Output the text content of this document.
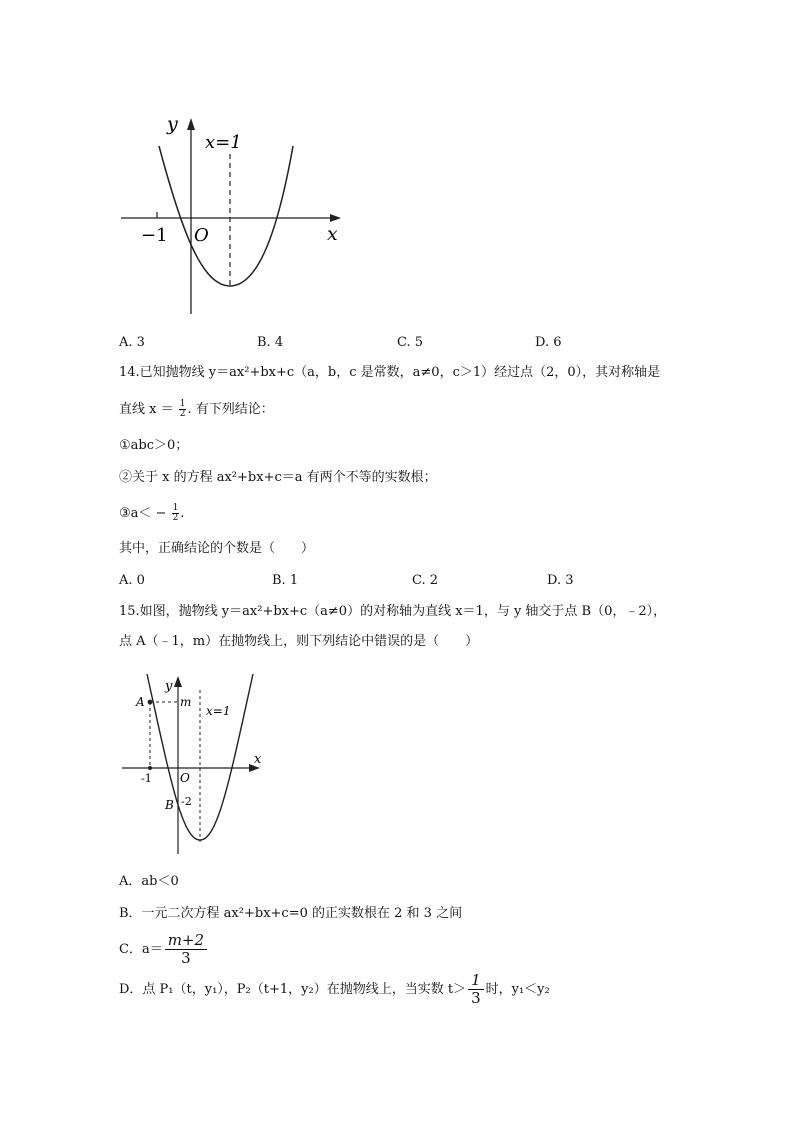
y
x
x=1
O
−1
A. 3	B. 4	C. 5	D. 6
14.已知抛物线 y＝ax²+bx+c（a，b，c 是常数，a≠0，c＞1）经过点（2，0），其对称轴是
直线 $x = \frac{1}{2}$ . 有下列结论：
①abc＞0；
②关于 x 的方程 ax²+bx+c＝a 有两个不等的实数根；
③a＜ − $\frac{1}{2}$ .
其中，正确结论的个数是（　　）
A. 0	B. 1	C. 2	D. 3
15.如图，抛物线 y＝ax²+bx+c（a≠0）的对称轴为直线 x＝1，与 y 轴交于点 B（0，﹣2），
点 A（﹣1，m）在抛物线上，则下列结论中错误的是（　　）
y
x
m
x=1
A
O
-1
B -2
A．ab＜0
B．一元二次方程 ax²+bx+c=0 的正实数根在 2 和 3 之间
C．$a= \frac{m+2}{3}$
D．点 P₁（t，y₁），P₂（t+1，y₂）在抛物线上，当实数 $t> \frac{1}{3}$ 时，y₁＜y₂
